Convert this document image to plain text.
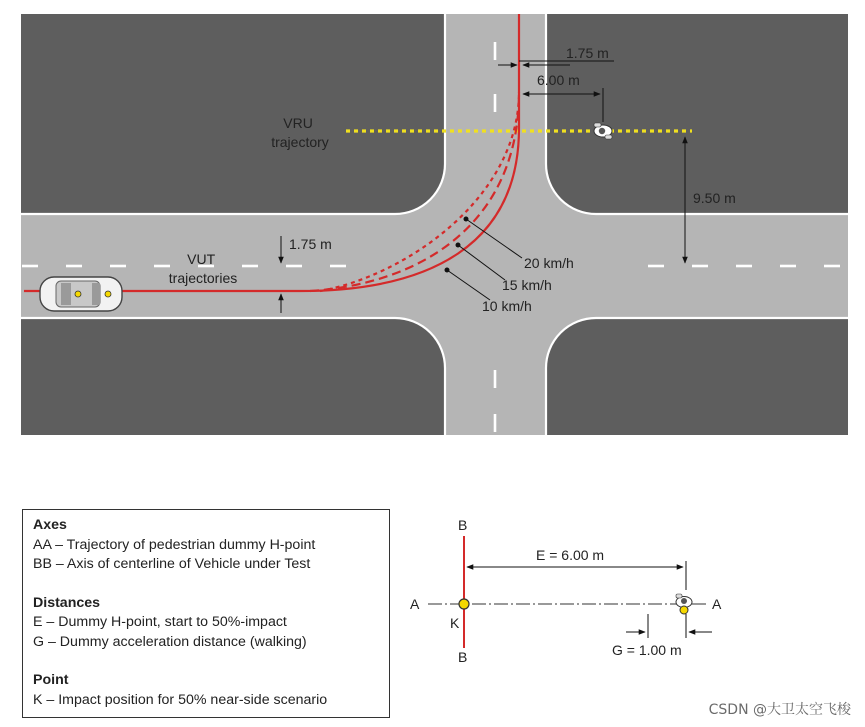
1.75 m
6.00 m
9.50 m
1.75 m
VRU trajectory
VUT trajectories
20 km/h
15 km/h
10 km/h
B
B
A	A
K
E = 6.00 m
G = 1.00 m
Axes
AA – Trajectory of pedestrian dummy H-point
BB – Axis of centerline of Vehicle under Test
Distances
E – Dummy H-point, start to 50%-impact
G – Dummy acceleration distance (walking)
Point
K – Impact position for 50% near-side scenario
CSDN @大卫太空飞梭
